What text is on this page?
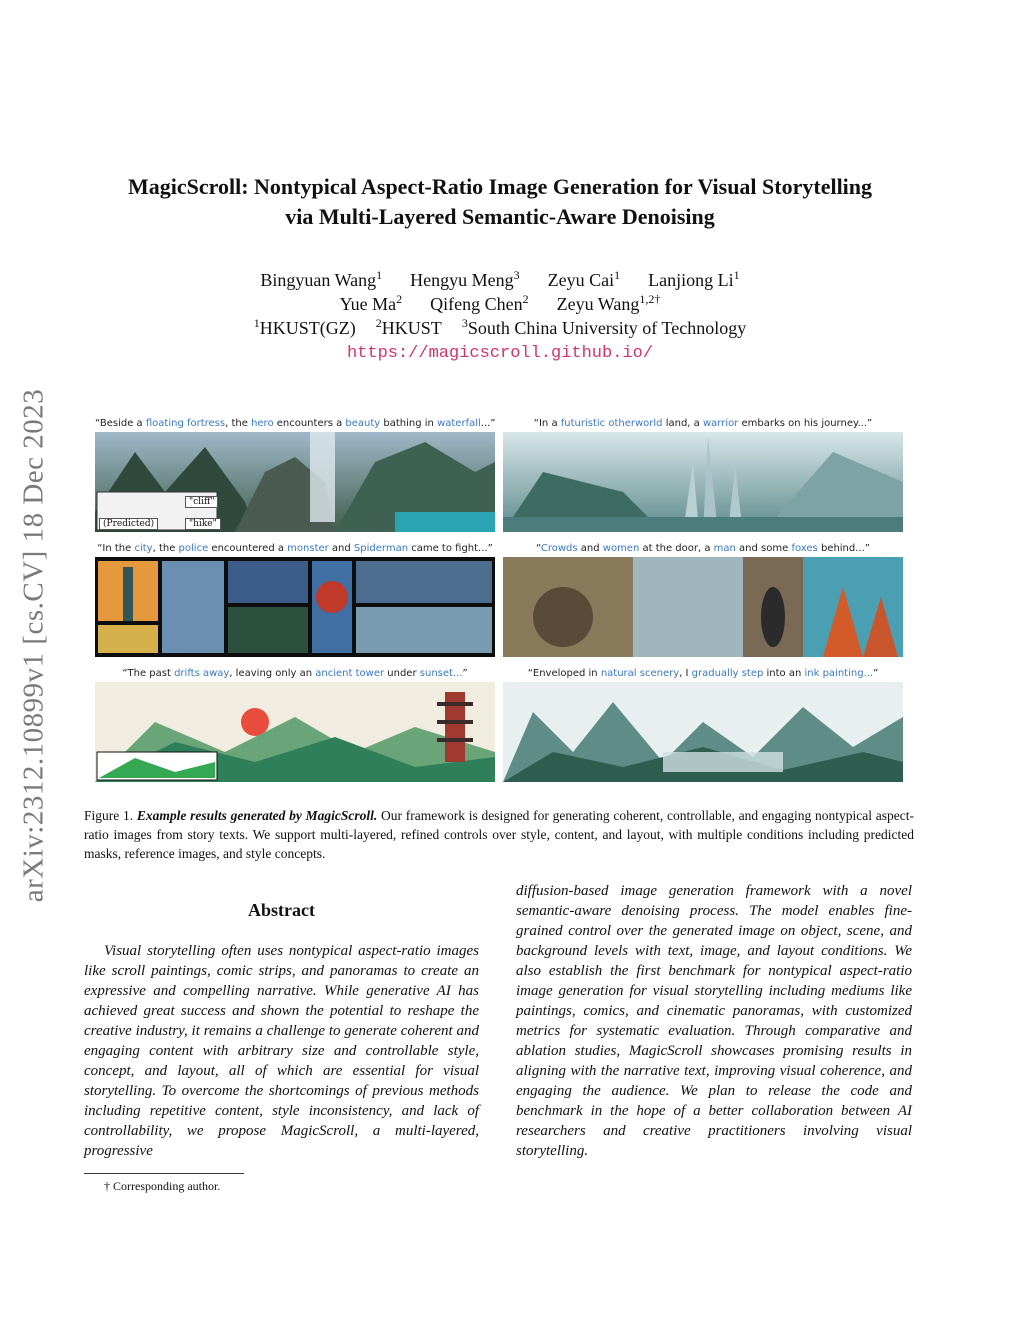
arXiv:2312.10899v1 [cs.CV] 18 Dec 2023
MagicScroll: Nontypical Aspect-Ratio Image Generation for Visual Storytelling
via Multi-Layered Semantic-Aware Denoising
Bingyuan Wang$^1$ Hengyu Meng$^3$ Zeyu Cai$^1$ Lanjiong Li$^1$
Yue Ma$^2$ Qifeng Chen$^2$ Zeyu Wang$^{1,2\dagger}$
$^1$HKUST(GZ) $^2$HKUST $^3$South China University of Technology
https://magicscroll.github.io/
“Beside a floating fortress, the hero encounters a beauty bathing in waterfall...”
(Predicted)	"hike"
"cliff"
“In a futuristic otherworld land, a warrior embarks on his journey...”
“In the city, the police encountered a monster and Spiderman came to fight...”	“Crowds and women at the door, a man and some foxes behind...”
“The past drifts away, leaving only an ancient tower under sunset...”	“Enveloped in natural scenery, I gradually step into an ink painting...”
Figure 1. Example results generated by MagicScroll. Our framework is designed for generating coherent, controllable, and engaging nontypical aspect-ratio images from story texts. We support multi-layered, refined controls over style, content, and layout, with multiple conditions including predicted masks, reference images, and style concepts.
Abstract

Visual storytelling often uses nontypical aspect-ratio images like scroll paintings, comic strips, and panoramas to create an expressive and compelling narrative. While generative AI has achieved great success and shown the potential to reshape the creative industry, it remains a challenge to generate coherent and engaging content with arbitrary size and controllable style, concept, and layout, all of which are essential for visual storytelling. To overcome the shortcomings of previous methods including repetitive content, style inconsistency, and lack of controllability, we propose MagicScroll, a multi-layered, progressive

diffusion-based image generation framework with a novel semantic-aware denoising process. The model enables fine-grained control over the generated image on object, scene, and background levels with text, image, and layout conditions. We also establish the first benchmark for nontypical aspect-ratio image generation for visual storytelling including mediums like paintings, comics, and cinematic panoramas, with customized metrics for systematic evaluation. Through comparative and ablation studies, MagicScroll showcases promising results in aligning with the narrative text, improving visual coherence, and engaging the audience. We plan to release the code and benchmark in the hope of a better collaboration between AI researchers and creative practitioners involving visual storytelling.

† Corresponding author.
